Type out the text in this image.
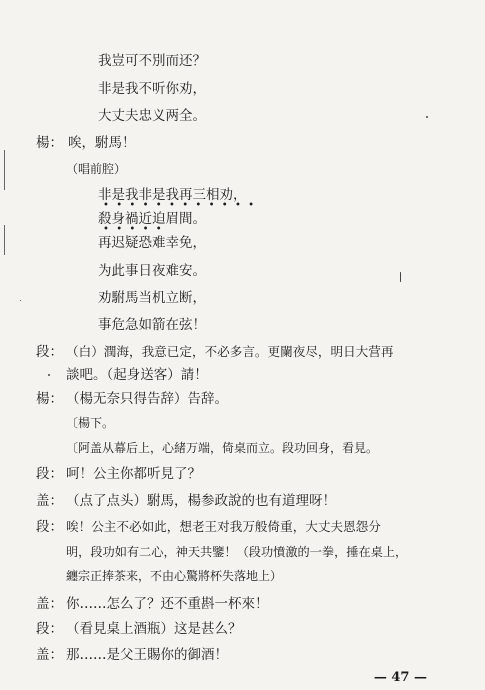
我豈可不別而还？
非是我不听你劝，
大丈夫忠义两全。
楊： 唉，駙馬！
（唱前腔）
非是我非是我再三相劝，
••••••••••••
殺身禍近迫眉間。
•••••
再迟疑恐难幸免，
为此事日夜难安。
劝駙馬当机立断，
事危急如箭在弦！
段： （白）潤海，我意已定，不必多言。更闌夜尽，明日大营再
談吧。（起身送客）請！
楊： （楊无奈只得告辞）告辞。
〔楊下。
〔阿盖从幕后上，心緒万端，倚桌而立。段功回身，看見。
段： 呵！公主你都听見了？
盖： （点了点头）駙馬，楊参政說的也有道理呀！
段： 唉！公主不必如此，想老王对我万般倚重，大丈夫恩怨分
明，段功如有二心，神天共鑒！（段功憤激的一拳，捶在桌上，
纏宗正捧茶来，不由心驚將杯失落地上）
盖： 你……怎么了？还不重斟一杯來！
段： （看見桌上酒瓶）这是甚么？
盖： 那……是父王賜你的御酒！
— 47 —
